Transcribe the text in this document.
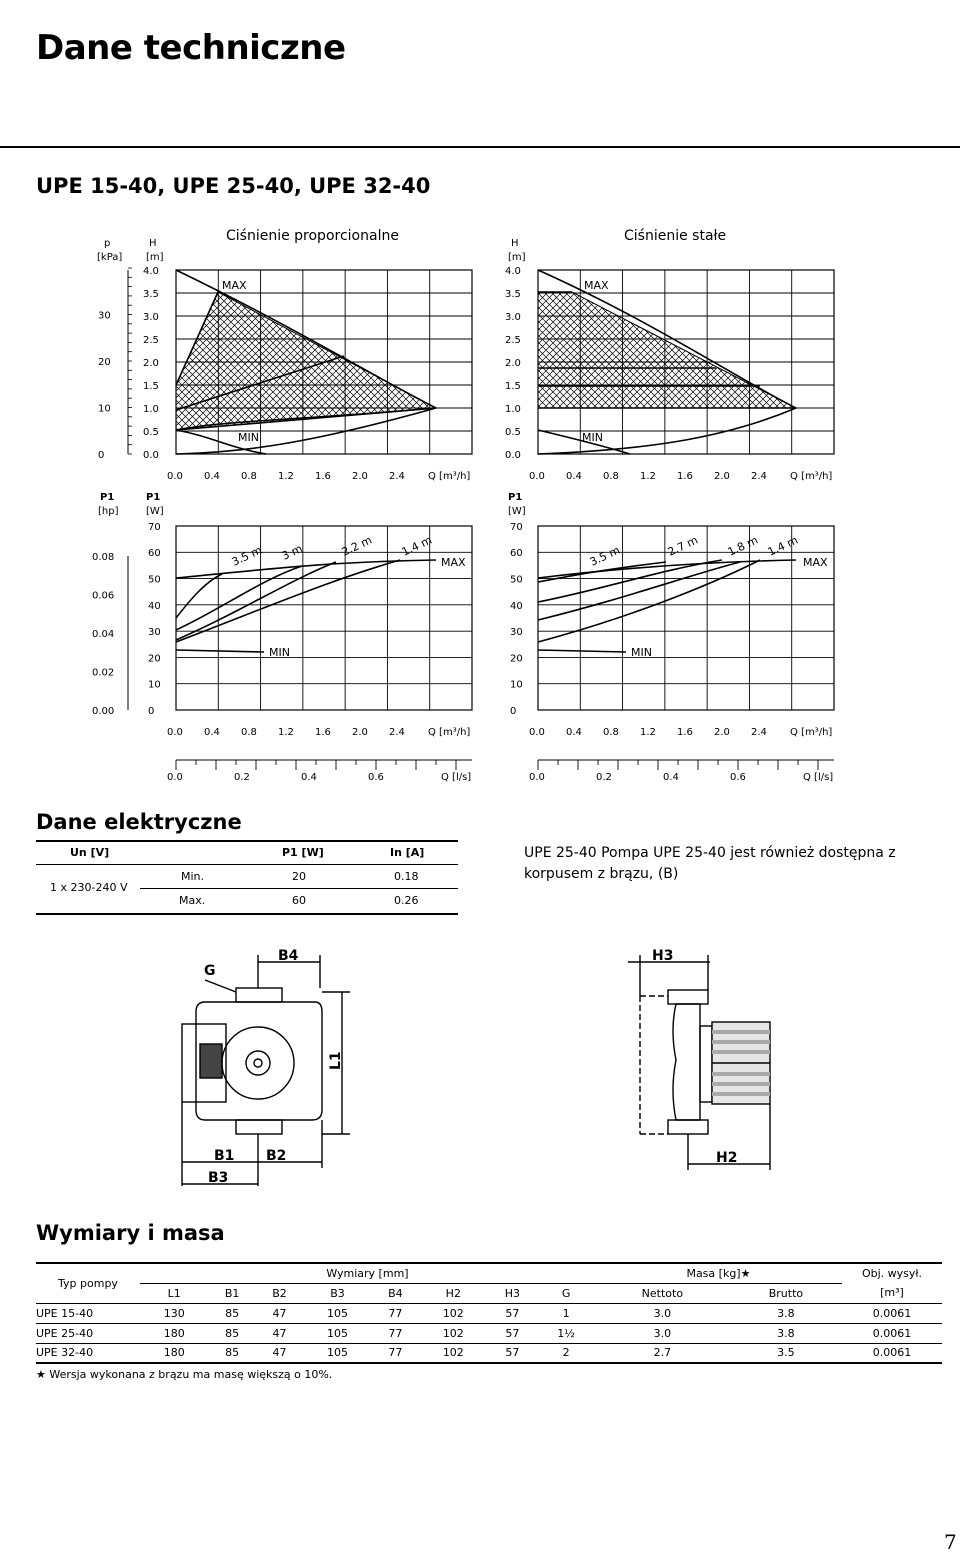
Dane techniczne
UPE 15-40, UPE 25-40, UPE 32-40
Ciśnienie proporcionalne
0.0
0.5
1.0
1.5
2.0
2.5
3.0
3.5
4.0
H
[m]
0
10
20
30
40
50
60
70
P1
[W]
0.0
0.0
0.4
0.4
0.8
0.8
1.2
1.2
1.6
1.6
2.0
2.0
2.4
2.4
Q [m³/h]
Q [m³/h]
0.0	0.2	0.4	0.6	Q [l/s]
MAX
MIN
MAX
MIN
Ciśnienie stałe
0.0
0.5
1.0
1.5
2.0
2.5
3.0
3.5
4.0
H
[m]
0
10
20
30
40
50
60
70
P1
[W]
0.0
0.0
0.4
0.4
0.8
0.8
1.2
1.2
1.6
1.6
2.0
2.0
2.4
2.4
Q [m³/h]
Q [m³/h]
0.0	0.2	0.4	0.6	Q [l/s]
MAX
MIN
MAX
MIN
0
10
20
30
p
[kPa]
0.00
0.02
0.04
0.06
0.08
P1
[hp]
3.5 m 3 m	2.2 m 1.4 m	3.5 m	2.7 m 1.8 m 1.4 m
Dane elektryczne
Un [V]	P1 [W]	In [A]
1 x 230-240 V
Min.	20	0.18
Max.	60	0.26
UPE 25-40 Pompa UPE 25-40 jest również dostępna z korpusem z brązu, (B)
G
B4
L1
B1 B2
B3
H3
H2
Wymiary i masa
Typ pompy	Wymiary [mm]								Masa [kg]★		Obj. wysył.
	L1	B1	B2	B3	B4	H2	H3	G	Nettoto	Brutto	[m³]
UPE 15-40	130	85	47	105	77	102	57	1	3.0	3.8	0.0061
UPE 25-40	180	85	47	105	77	102	57	1½	3.0	3.8	0.0061
UPE 32-40	180	85	47	105	77	102	57	2	2.7	3.5	0.0061
★ Wersja wykonana z brązu ma masę większą o 10%.
7
